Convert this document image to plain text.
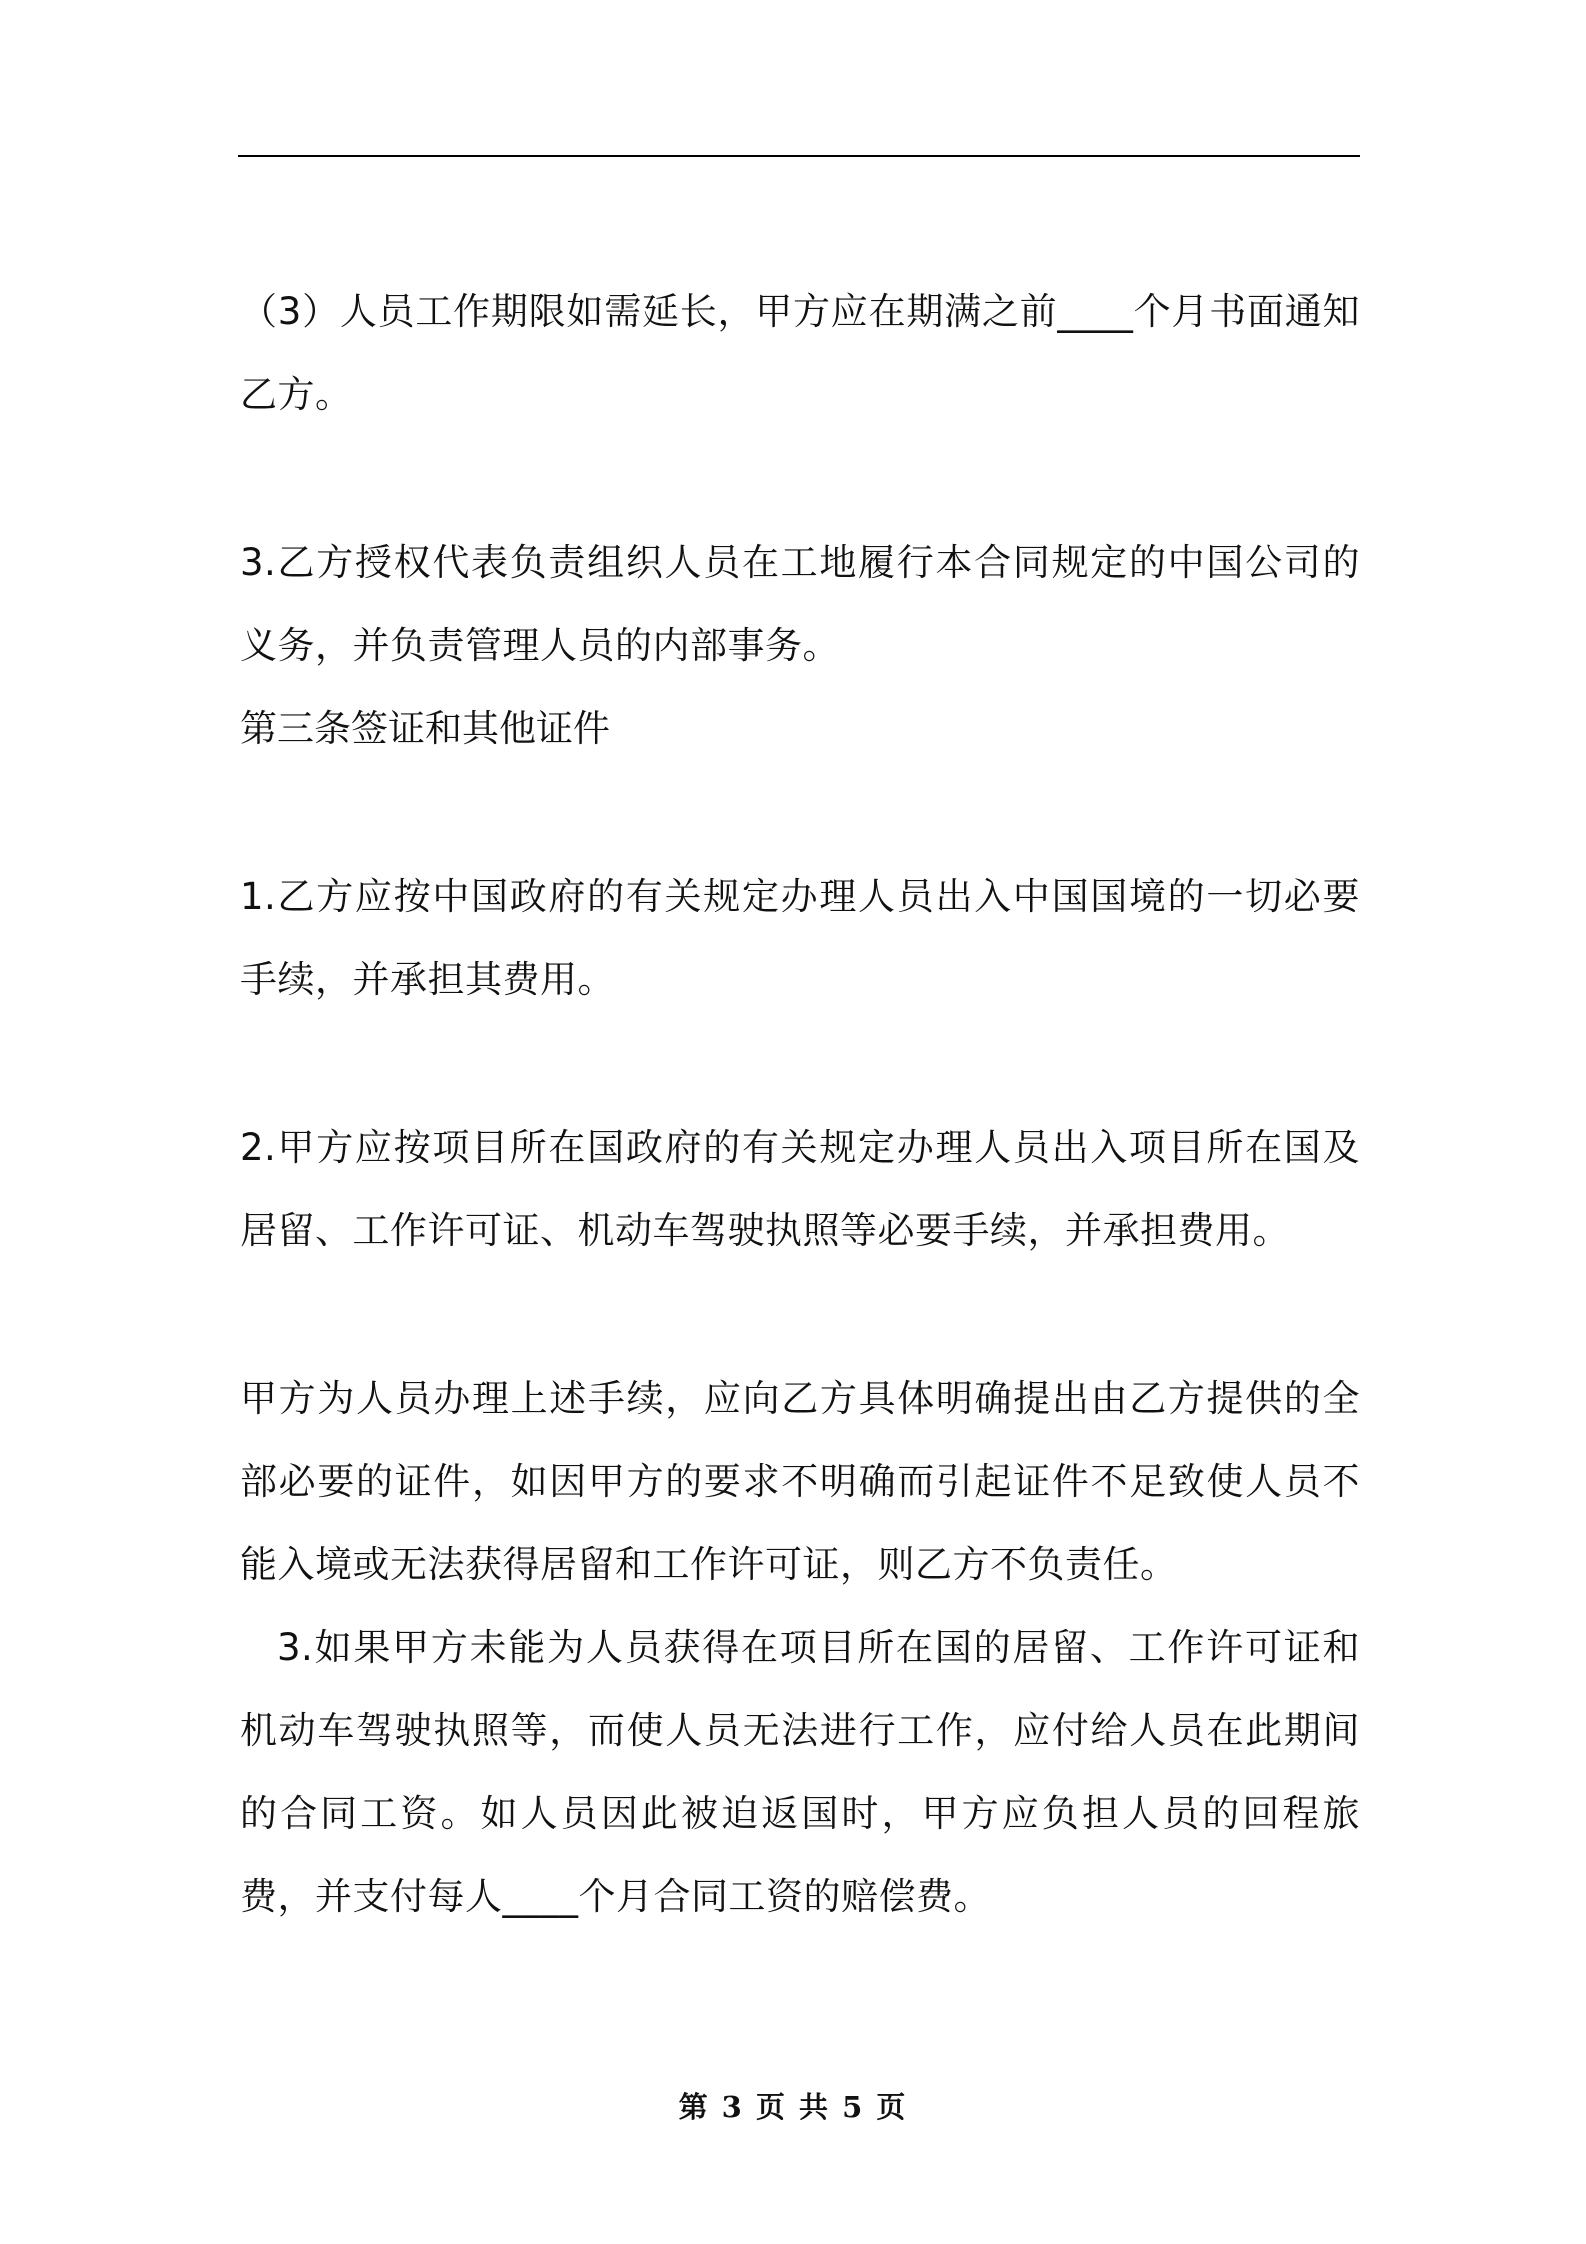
（3）人员工作期限如需延长，甲方应在期满之前____个月书面通知乙方。

3.乙方授权代表负责组织人员在工地履行本合同规定的中国公司的义务，并负责管理人员的内部事务。

第三条签证和其他证件

1.乙方应按中国政府的有关规定办理人员出入中国国境的一切必要手续，并承担其费用。

2.甲方应按项目所在国政府的有关规定办理人员出入项目所在国及居留、工作许可证、机动车驾驶执照等必要手续，并承担费用。

甲方为人员办理上述手续，应向乙方具体明确提出由乙方提供的全部必要的证件，如因甲方的要求不明确而引起证件不足致使人员不能入境或无法获得居留和工作许可证，则乙方不负责任。

3.如果甲方未能为人员获得在项目所在国的居留、工作许可证和机动车驾驶执照等，而使人员无法进行工作，应付给人员在此期间的合同工资。如人员因此被迫返国时，甲方应负担人员的回程旅费，并支付每人____个月合同工资的赔偿费。

第 3 页 共 5 页
